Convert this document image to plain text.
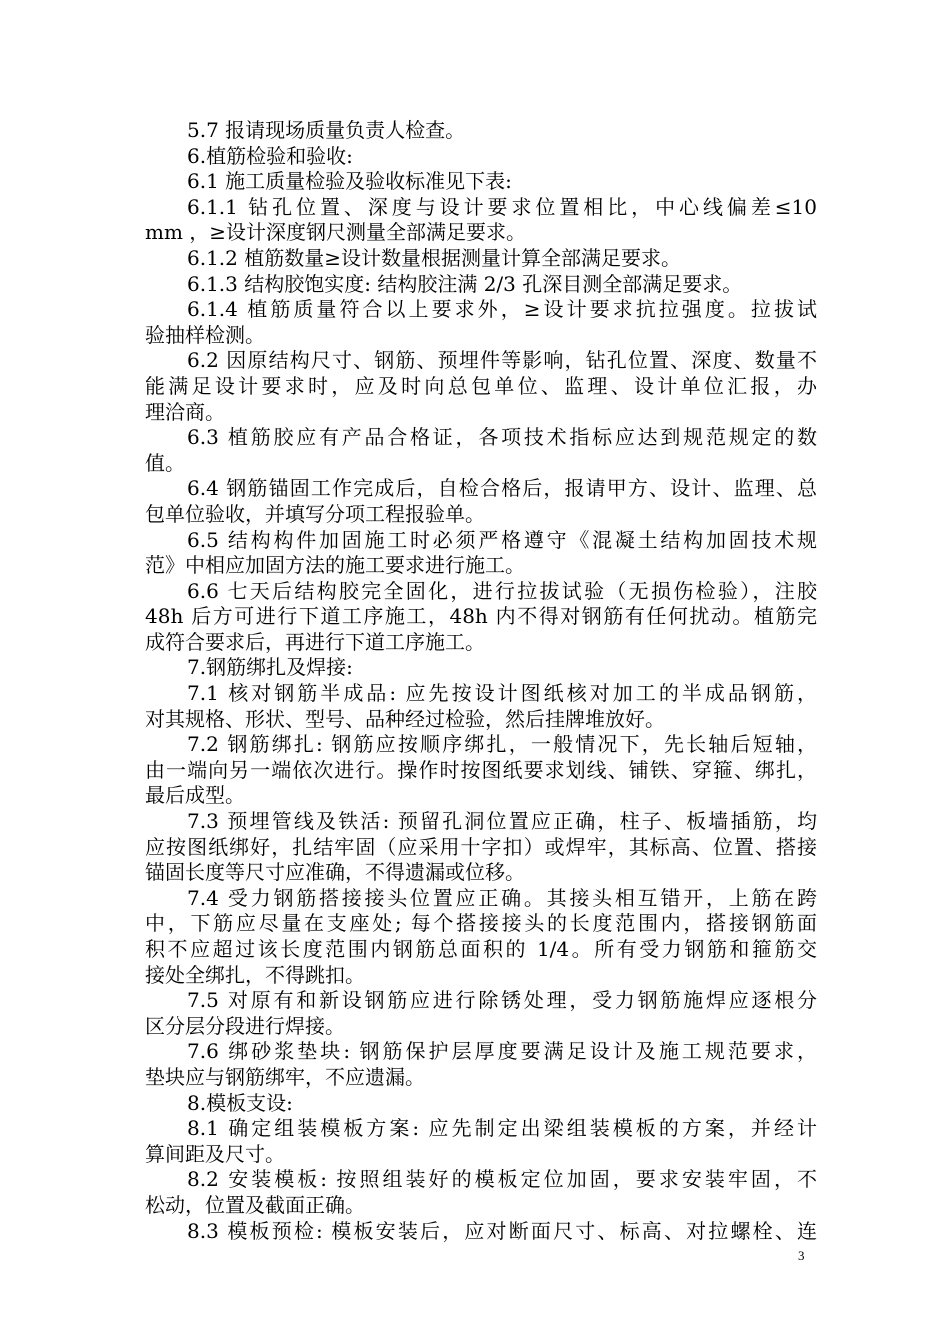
5.7 报请现场质量负责人检查。
6.植筋检验和验收:
6.1 施工质量检验及验收标准见下表:
6.1.1 钻孔位置、深度与设计要求位置相比，中心线偏差≤10
mm ，≥设计深度钢尺测量全部满足要求。
6.1.2 植筋数量≥设计数量根据测量计算全部满足要求。
6.1.3 结构胶饱实度: 结构胶注满 2/3 孔深目测全部满足要求。
6.1.4 植筋质量符合以上要求外，≥设计要求抗拉强度。拉拔试
验抽样检测。
6.2 因原结构尺寸、钢筋、预埋件等影响，钻孔位置、深度、数量不
能满足设计要求时，应及时向总包单位、监理、设计单位汇报，办
理洽商。
6.3 植筋胶应有产品合格证，各项技术指标应达到规范规定的数
值。
6.4 钢筋锚固工作完成后，自检合格后，报请甲方、设计、监理、总
包单位验收，并填写分项工程报验单。
6.5 结构构件加固施工时必须严格遵守《混凝土结构加固技术规
范》中相应加固方法的施工要求进行施工。
6.6 七天后结构胶完全固化，进行拉拔试验（无损伤检验），注胶
48h 后方可进行下道工序施工，48h 内不得对钢筋有任何扰动。植筋完
成符合要求后，再进行下道工序施工。
7.钢筋绑扎及焊接:
7.1 核对钢筋半成品: 应先按设计图纸核对加工的半成品钢筋，
对其规格、形状、型号、品种经过检验，然后挂牌堆放好。
7.2 钢筋绑扎: 钢筋应按顺序绑扎，一般情况下，先长轴后短轴，
由一端向另一端依次进行。操作时按图纸要求划线、铺铁、穿箍、绑扎，
最后成型。
7.3 预埋管线及铁活: 预留孔洞位置应正确，柱子、板墙插筋，均
应按图纸绑好，扎结牢固（应采用十字扣）或焊牢，其标高、位置、搭接
锚固长度等尺寸应准确，不得遗漏或位移。
7.4 受力钢筋搭接接头位置应正确。其接头相互错开，上筋在跨
中，下筋应尽量在支座处; 每个搭接接头的长度范围内，搭接钢筋面
积不应超过该长度范围内钢筋总面积的 1/4。所有受力钢筋和箍筋交
接处全绑扎，不得跳扣。
7.5 对原有和新设钢筋应进行除锈处理，受力钢筋施焊应逐根分
区分层分段进行焊接。
7.6 绑砂浆垫块: 钢筋保护层厚度要满足设计及施工规范要求，
垫块应与钢筋绑牢，不应遗漏。
8.模板支设:
8.1 确定组装模板方案: 应先制定出梁组装模板的方案，并经计
算间距及尺寸。
8.2 安装模板: 按照组装好的模板定位加固，要求安装牢固，不
松动，位置及截面正确。
8.3 模板预检: 模板安装后，应对断面尺寸、标高、对拉螺栓、连
3
